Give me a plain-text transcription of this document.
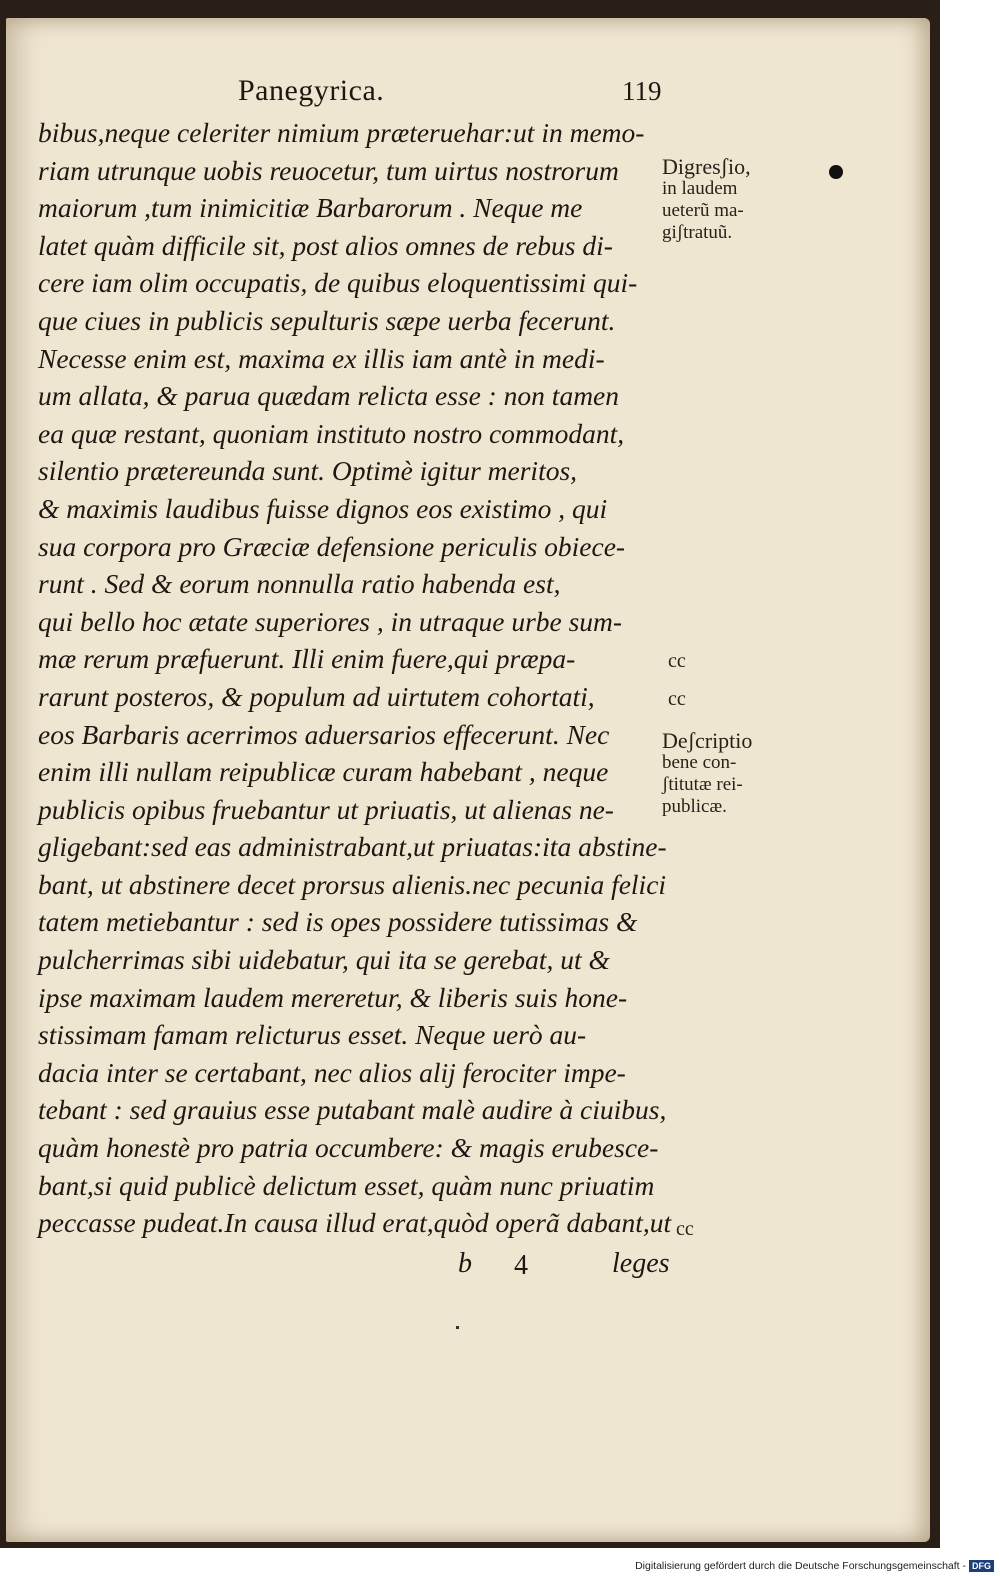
Panegyrica.	119
bibus,neque celeriter nimium præteruehar:ut in memo-
riam utrunque uobis reuocetur, tum uirtus nostrorum
maiorum ,tum inimicitiæ Barbarorum . Neque me
latet quàm difficile sit, post alios omnes de rebus di-
cere iam olim occupatis, de quibus eloquentissimi qui-
que ciues in publicis sepulturis sæpe uerba fecerunt.
Necesse enim est, maxima ex illis iam antè in medi-
um allata, & parua quædam relicta esse : non tamen
ea quæ restant, quoniam instituto nostro commodant,
silentio prætereunda sunt. Optimè igitur meritos,
& maximis laudibus fuisse dignos eos existimo , qui
sua corpora pro Græciæ defensione periculis obiece-
runt . Sed & eorum nonnulla ratio habenda est,
qui bello hoc ætate superiores , in utraque urbe sum-
mæ rerum præfuerunt. Illi enim fuere,qui præpa-
rarunt posteros, & populum ad uirtutem cohortati,
eos Barbaris acerrimos aduersarios effecerunt. Nec
enim illi nullam reipublicæ curam habebant , neque
publicis opibus fruebantur ut priuatis, ut alienas ne-
gligebant:sed eas administrabant,ut priuatas:ita abstine-
bant, ut abstinere decet prorsus alienis.nec pecunia felici
tatem metiebantur : sed is opes possidere tutissimas &
pulcherrimas sibi uidebatur, qui ita se gerebat, ut &
ipse maximam laudem mereretur, & liberis suis hone-
stissimam famam relicturus esset. Neque uerò au-
dacia inter se certabant, nec alios alij ferociter impe-
tebant : sed grauius esse putabant malè audire à ciuibus,
quàm honestè pro patria occumbere: & magis erubesce-
bant,si quid publicè delictum esset, quàm nunc priuatim
peccasse pudeat.In causa illud erat,quòd operã dabant,ut
Digresʃio,
in laudem
ueterũ ma-
giʃtratuũ.
Deʃcriptio
bene con-
ʃtitutæ rei-
publicæ.
cc
cc
cc
b 4	leges
Digitalisierung gefördert durch die Deutsche Forschungsgemeinschaft - DFG
